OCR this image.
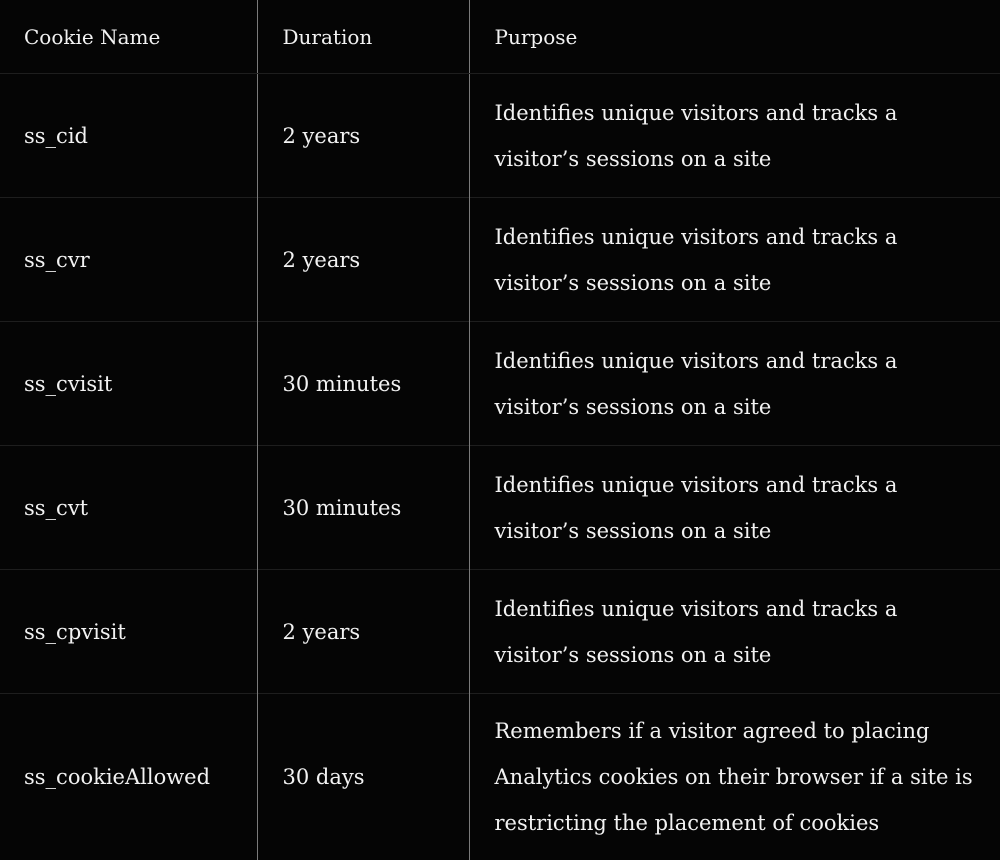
Cookie Name	Duration	Purpose
ss_cid	2 years	Identifies unique visitors and tracks a visitor’s sessions on a site
ss_cvr	2 years	Identifies unique visitors and tracks a visitor’s sessions on a site
ss_cvisit	30 minutes	Identifies unique visitors and tracks a visitor’s sessions on a site
ss_cvt	30 minutes	Identifies unique visitors and tracks a visitor’s sessions on a site
ss_cpvisit	2 years	Identifies unique visitors and tracks a visitor’s sessions on a site
ss_cookieAllowed	30 days	Remembers if a visitor agreed to placing Analytics cookies on their browser if a site is restricting the placement of cookies
